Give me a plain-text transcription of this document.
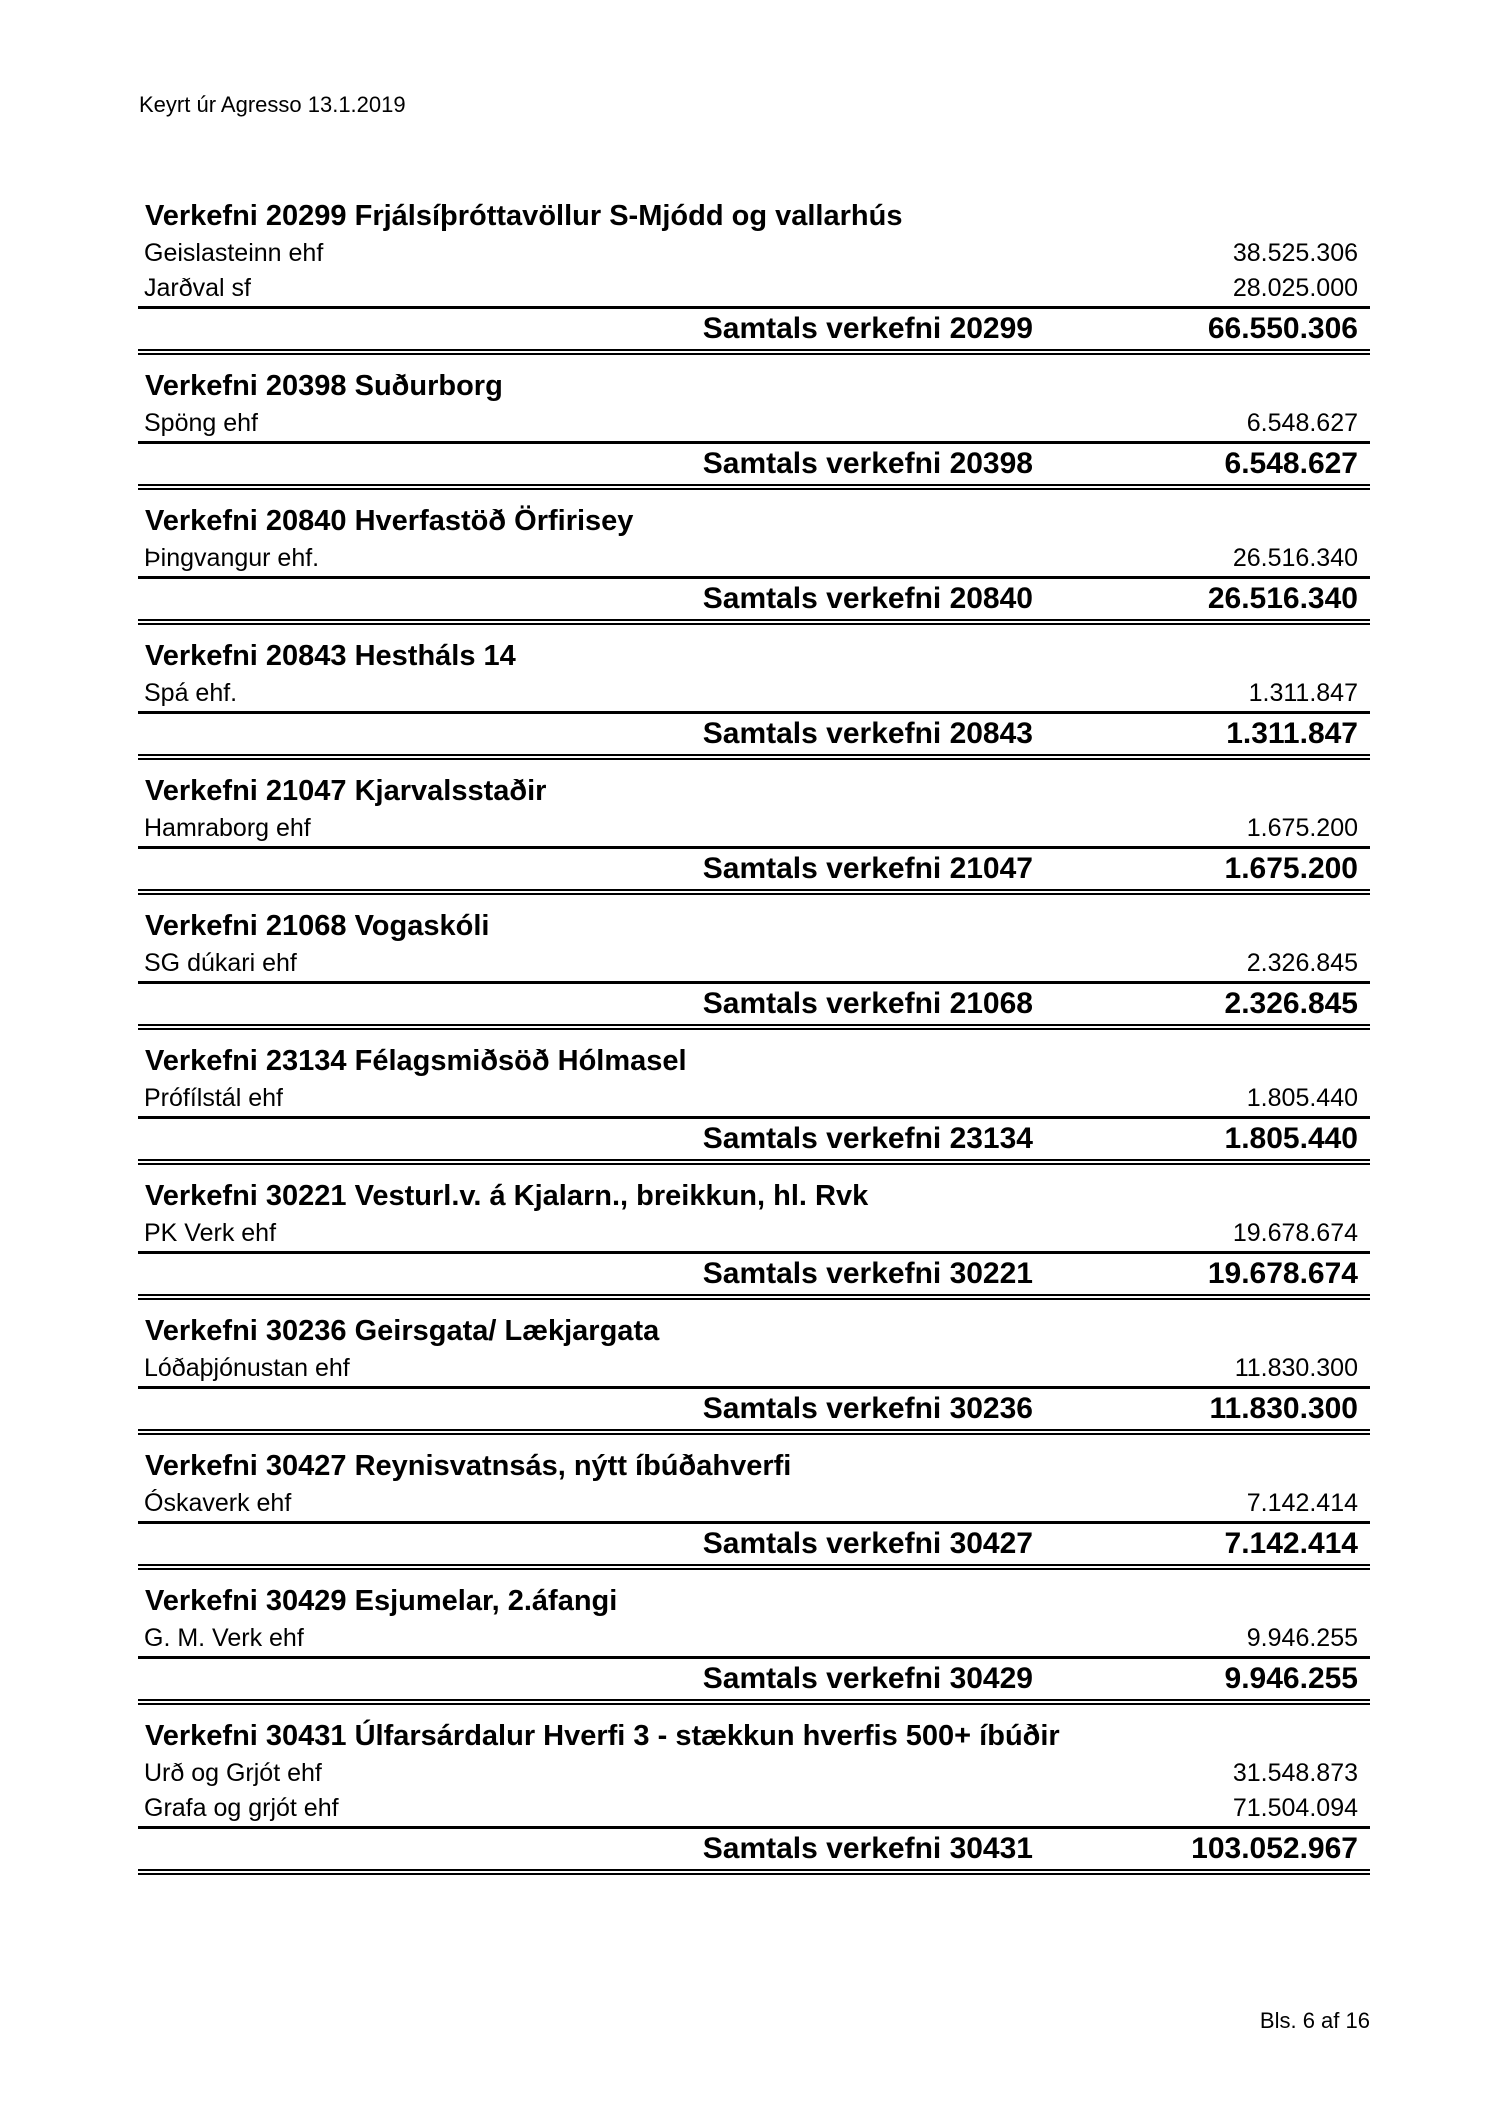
Keyrt úr Agresso 13.1.2019
Verkefni 20299 Frjálsíþróttavöllur S-Mjódd og vallarhús
Geislasteinn ehf	38.525.306
Jarðval sf	28.025.000
Samtals verkefni 20299	66.550.306
Verkefni 20398 Suðurborg
Spöng ehf	6.548.627
Samtals verkefni 20398	6.548.627
Verkefni 20840 Hverfastöð Örfirisey
Þingvangur ehf.	26.516.340
Samtals verkefni 20840	26.516.340
Verkefni 20843 Hestháls 14
Spá ehf.	1.311.847
Samtals verkefni 20843	1.311.847
Verkefni 21047 Kjarvalsstaðir
Hamraborg ehf	1.675.200
Samtals verkefni 21047	1.675.200
Verkefni 21068 Vogaskóli
SG dúkari ehf	2.326.845
Samtals verkefni 21068	2.326.845
Verkefni 23134 Félagsmiðsöð Hólmasel
Prófílstál ehf	1.805.440
Samtals verkefni 23134	1.805.440
Verkefni 30221 Vesturl.v. á Kjalarn., breikkun, hl. Rvk
PK Verk ehf	19.678.674
Samtals verkefni 30221	19.678.674
Verkefni 30236 Geirsgata/ Lækjargata
Lóðaþjónustan ehf	11.830.300
Samtals verkefni 30236	11.830.300
Verkefni 30427 Reynisvatnsás, nýtt íbúðahverfi
Óskaverk ehf	7.142.414
Samtals verkefni 30427	7.142.414
Verkefni 30429 Esjumelar, 2.áfangi
G. M. Verk ehf	9.946.255
Samtals verkefni 30429	9.946.255
Verkefni 30431 Úlfarsárdalur Hverfi 3 - stækkun hverfis 500+ íbúðir
Urð og Grjót ehf	31.548.873
Grafa og grjót ehf	71.504.094
Samtals verkefni 30431	103.052.967
Bls. 6 af 16
